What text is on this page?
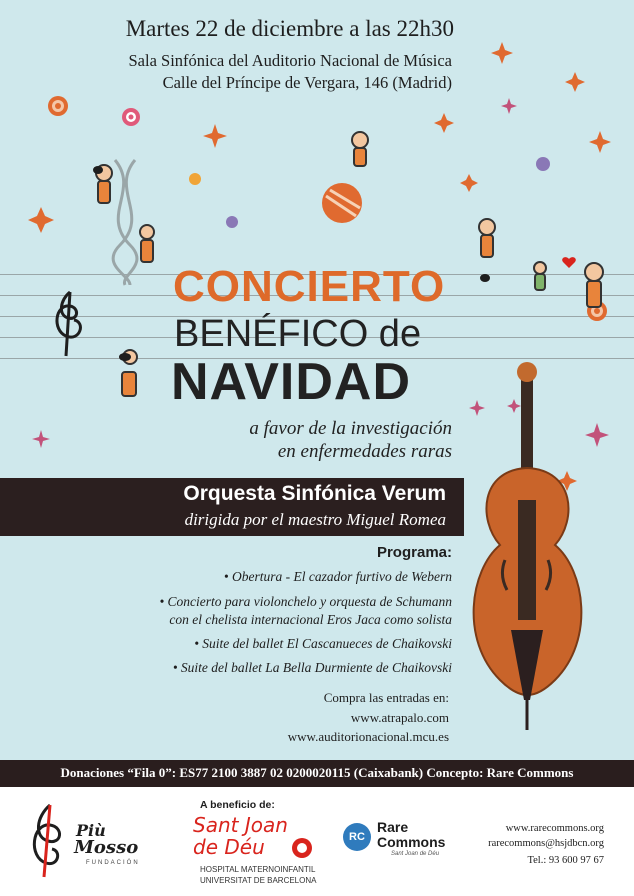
Martes 22 de diciembre a las 22h30
Sala Sinfónica del Auditorio Nacional de Música
Calle del Príncipe de Vergara, 146 (Madrid)
CONCIERTO
BENÉFICO de
NAVIDAD
a favor de la investigación
en enfermedades raras
Orquesta Sinfónica Verum
dirigida por el maestro Miguel Romea
Programa:
• Obertura - El cazador furtivo de Webern
• Concierto para violonchelo y orquesta de Schumann
con el chelista internacional Eros Jaca como solista
• Suite del ballet El Cascanueces de Chaikovski
• Suite del ballet La Bella Durmiente de Chaikovski
Compra las entradas en:
www.atrapalo.com
www.auditorionacional.mcu.es
Donaciones “Fila 0”: ES77 2100 3887 02 0200020115 (Caixabank) Concepto: Rare Commons
Più
Mosso
FUNDACIÓN
A beneficio de:
Sant Joan
de Déu
HOSPITAL MATERNOINFANTIL
UNIVERSITAT DE BARCELONA
RC
Rare
Commons
Sant Joan de Déu
www.rarecommons.org
rarecommons@hsjdbcn.org
Tel.: 93 600 97 67
